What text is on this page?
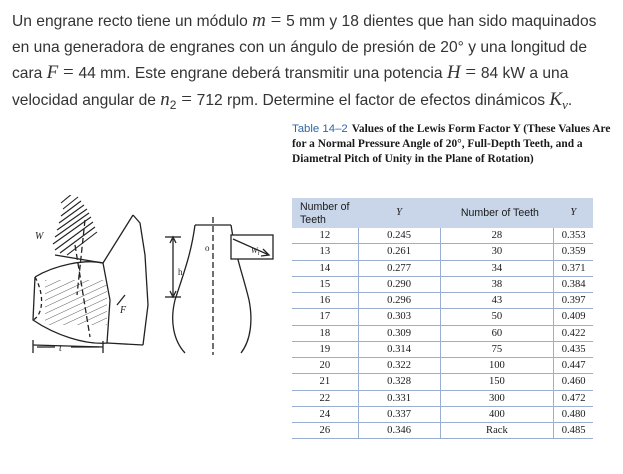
Un engrane recto tiene un módulo m = 5 mm y 18 dientes que han sido maquinados en una generadora de engranes con un ángulo de presión de 20° y una longitud de cara F = 44 mm. Este engrane deberá transmitir una potencia H = 84 kW a una velocidad angular de $n_2 = 712$ rpm. Determine el factor de efectos dinámicos $K_v$.
W
F
t
h
o	$W_t$
Table 14–2 Values of the Lewis Form Factor Y (These Values Are for a Normal Pressure Angle of 20°, Full-Depth Teeth, and a Diametral Pitch of Unity in the Plane of Rotation)
Number of Teeth	Y	Number of Teeth	Y
12	0.245	28	0.353
13	0.261	30	0.359
14	0.277	34	0.371
15	0.290	38	0.384
16	0.296	43	0.397
17	0.303	50	0.409
18	0.309	60	0.422
19	0.314	75	0.435
20	0.322	100	0.447
21	0.328	150	0.460
22	0.331	300	0.472
24	0.337	400	0.480
26	0.346	Rack	0.485
